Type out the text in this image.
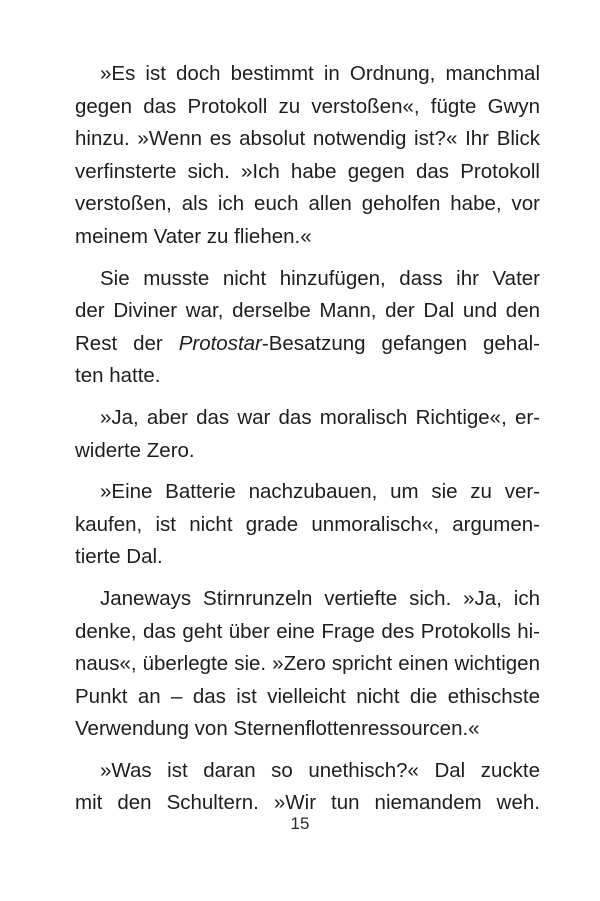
»Es ist doch bestimmt in Ordnung, manchmal
gegen das Protokoll zu verstoßen«, fügte Gwyn
hinzu. »Wenn es absolut notwendig ist?« Ihr Blick
verfinsterte sich. »Ich habe gegen das Protokoll
verstoßen, als ich euch allen geholfen habe, vor
meinem Vater zu fliehen.«
Sie musste nicht hinzufügen, dass ihr Vater
der Diviner war, derselbe Mann, der Dal und den
Rest der Protostar-Besatzung gefangen gehal-
ten hatte.
»Ja, aber das war das moralisch Richtige«, er-
widerte Zero.
»Eine Batterie nachzubauen, um sie zu ver-
kaufen, ist nicht grade unmoralisch«, argumen-
tierte Dal.
Janeways Stirnrunzeln vertiefte sich. »Ja, ich
denke, das geht über eine Frage des Protokolls hi-
naus«, überlegte sie. »Zero spricht einen wichtigen
Punkt an – das ist vielleicht nicht die ethischste
Verwendung von Sternenflottenressourcen.«
»Was ist daran so unethisch?« Dal zuckte
mit den Schultern. »Wir tun niemandem weh.
15
